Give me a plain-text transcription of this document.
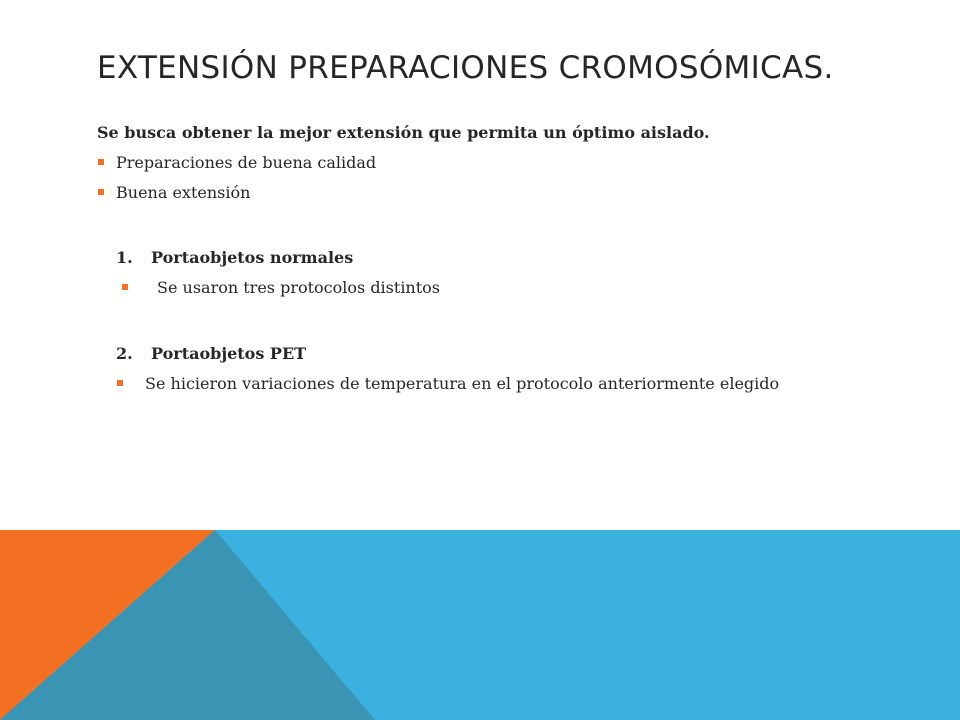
EXTENSIÓN PREPARACIONES CROMOSÓMICAS.
Se busca obtener la mejor extensión que permita un óptimo aislado.
Preparaciones de buena calidad
Buena extensión
1. Portaobjetos normales
Se usaron tres protocolos distintos
2. Portaobjetos PET
Se hicieron variaciones de temperatura en el protocolo anteriormente elegido
